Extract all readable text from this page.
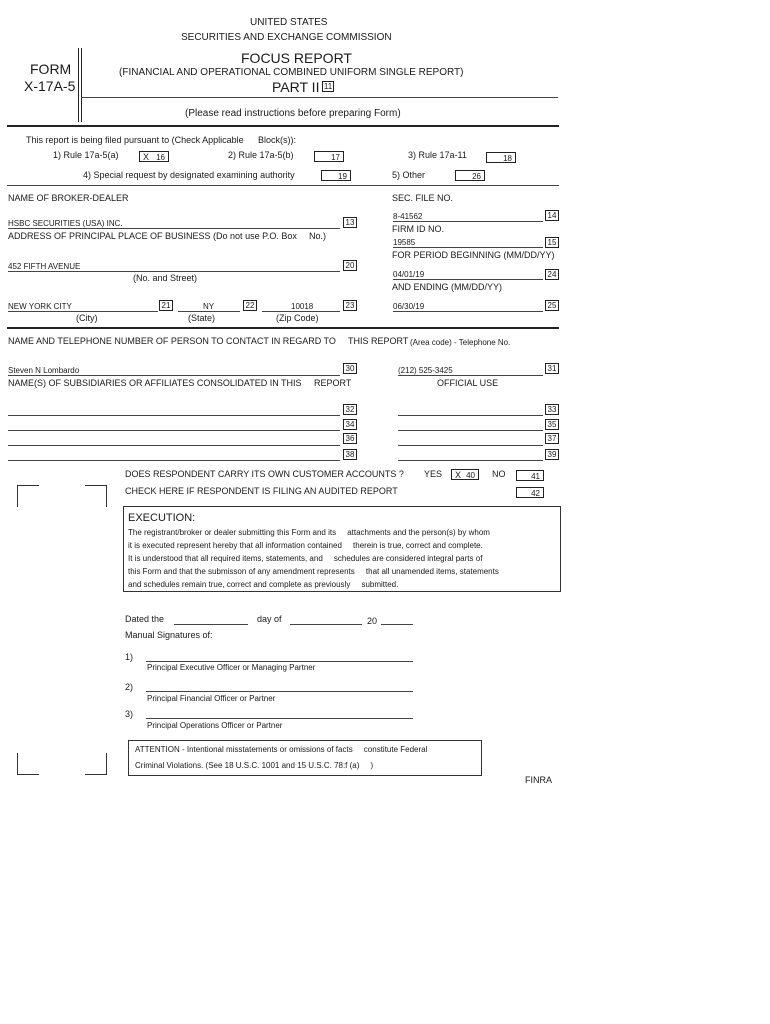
UNITED STATES
SECURITIES AND EXCHANGE COMMISSION
FORM
X-17A-5
FOCUS REPORT
(FINANCIAL AND OPERATIONAL COMBINED UNIFORM SINGLE REPORT)
PART II 11
(Please read instructions before preparing Form)
This report is being filed pursuant to (Check Applicable Block(s)):
1) Rule 17a-5(a)	X 16	2) Rule 17a-5(b)	17	3) Rule 17a-11	18
4) Special request by designated examining authority	19	5) Other	26
NAME OF BROKER-DEALER	SEC. FILE NO.
HSBC SECURITIES (USA) INC.	13
8-41562	14
ADDRESS OF PRINCIPAL PLACE OF BUSINESS (Do not use P.O. Box No.)
FIRM ID NO.
19585	15
FOR PERIOD BEGINNING (MM/DD/YY)
452 FIFTH AVENUE	20
(No. and Street)	04/01/19	24
AND ENDING (MM/DD/YY)
NEW YORK CITY	21	NY	22	10018	23	06/30/19	25
(City)	(State)	(Zip Code)
NAME AND TELEPHONE NUMBER OF PERSON TO CONTACT IN REGARD TO THIS REPORT (Area code) - Telephone No.
Steven N Lombardo	30	(212) 525-3425	31
NAME(S) OF SUBSIDIARIES OR AFFILIATES CONSOLIDATED IN THIS REPORT	OFFICIAL USE
32	33
34	35
36	37
38	39
DOES RESPONDENT CARRY ITS OWN CUSTOMER ACCOUNTS ? YES X 40 NO	41
CHECK HERE IF RESPONDENT IS FILING AN AUDITED REPORT	42
EXECUTION:
The registrant/broker or dealer submitting this Form and its     attachments and the person(s) by whom
it is executed represent hereby that all information contained     therein is true, correct and complete.
It is understood that all required items, statements, and     schedules are considered integral parts of
this Form and that the submisson of any amendment represents     that all unamended items, statements
and schedules remain true, correct and complete as previously     submitted.
Dated the	day of	20
Manual Signatures of:
1)
Principal Executive Officer or Managing Partner
2)
Principal Financial Officer or Partner
3)
Principal Operations Officer or Partner
ATTENTION - Intentional misstatements or omissions of facts     constitute Federal
Criminal Violations. (See 18 U.S.C. 1001 and 15 U.S.C. 78:f (a)     )
FINRA
